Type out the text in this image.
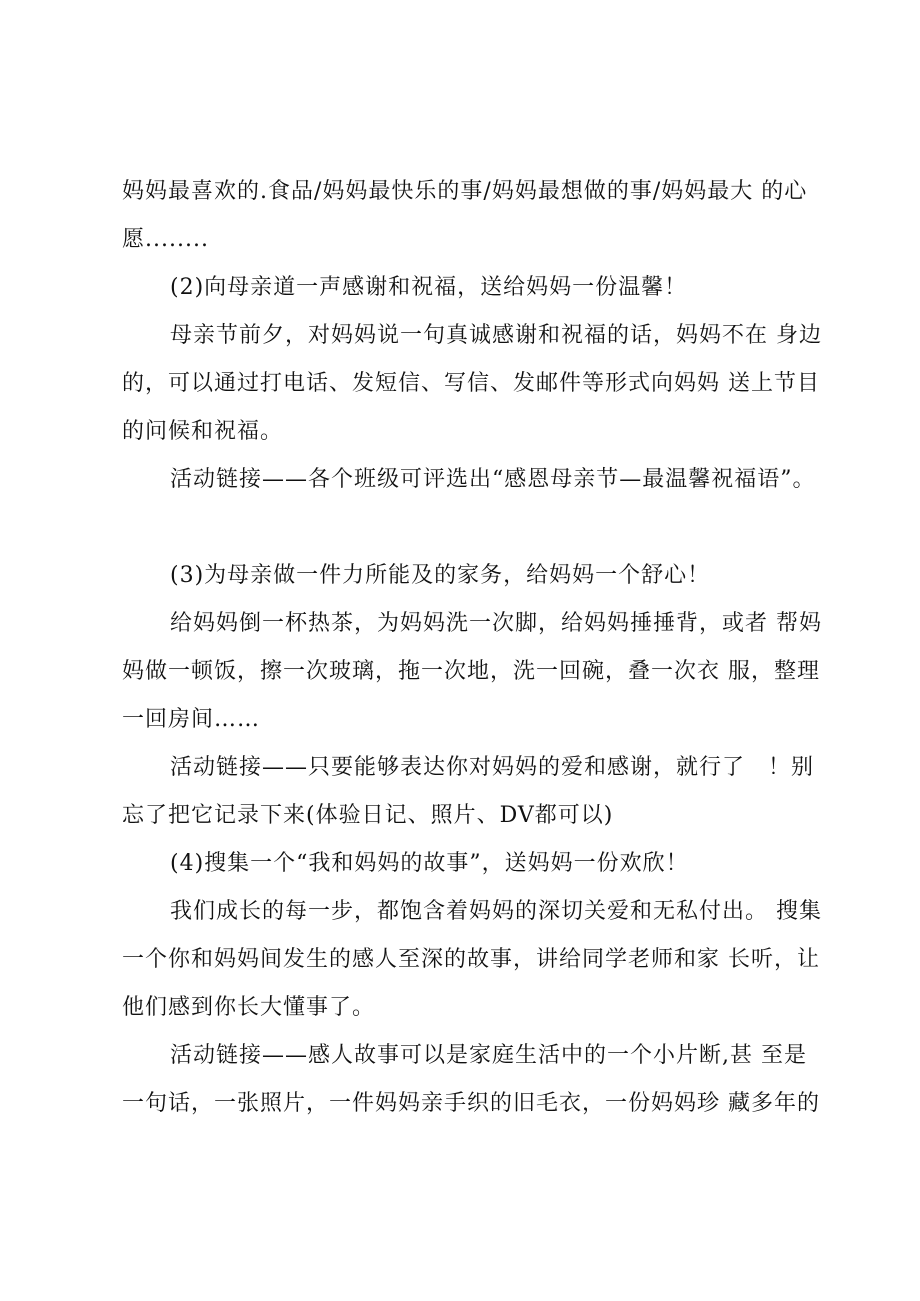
妈妈最喜欢的.食品/妈妈最快乐的事/妈妈最想做的事/妈妈最大 的心愿........

(2)向母亲道一声感谢和祝福，送给妈妈一份温馨！

母亲节前夕，对妈妈说一句真诚感谢和祝福的话，妈妈不在 身边的，可以通过打电话、发短信、写信、发邮件等形式向妈妈 送上节目的问候和祝福。

活动链接——各个班级可评选出“感恩母亲节—最温馨祝福语”。

(3)为母亲做一件力所能及的家务，给妈妈一个舒心！

给妈妈倒一杯热茶，为妈妈洗一次脚，给妈妈捶捶背，或者 帮妈妈做一顿饭，擦一次玻璃，拖一次地，洗一回碗，叠一次衣 服，整理一回房间……

活动链接——只要能够表达你对妈妈的爱和感谢，就行了　！别忘了把它记录下来(体验日记、照片、DV都可以)

(4)搜集一个“我和妈妈的故事”，送妈妈一份欢欣！

我们成长的每一步，都饱含着妈妈的深切关爱和无私付出。 搜集一个你和妈妈间发生的感人至深的故事，讲给同学老师和家 长听，让他们感到你长大懂事了。

活动链接——感人故事可以是家庭生活中的一个小片断,甚 至是一句话，一张照片，一件妈妈亲手织的旧毛衣，一份妈妈珍 藏多年的
